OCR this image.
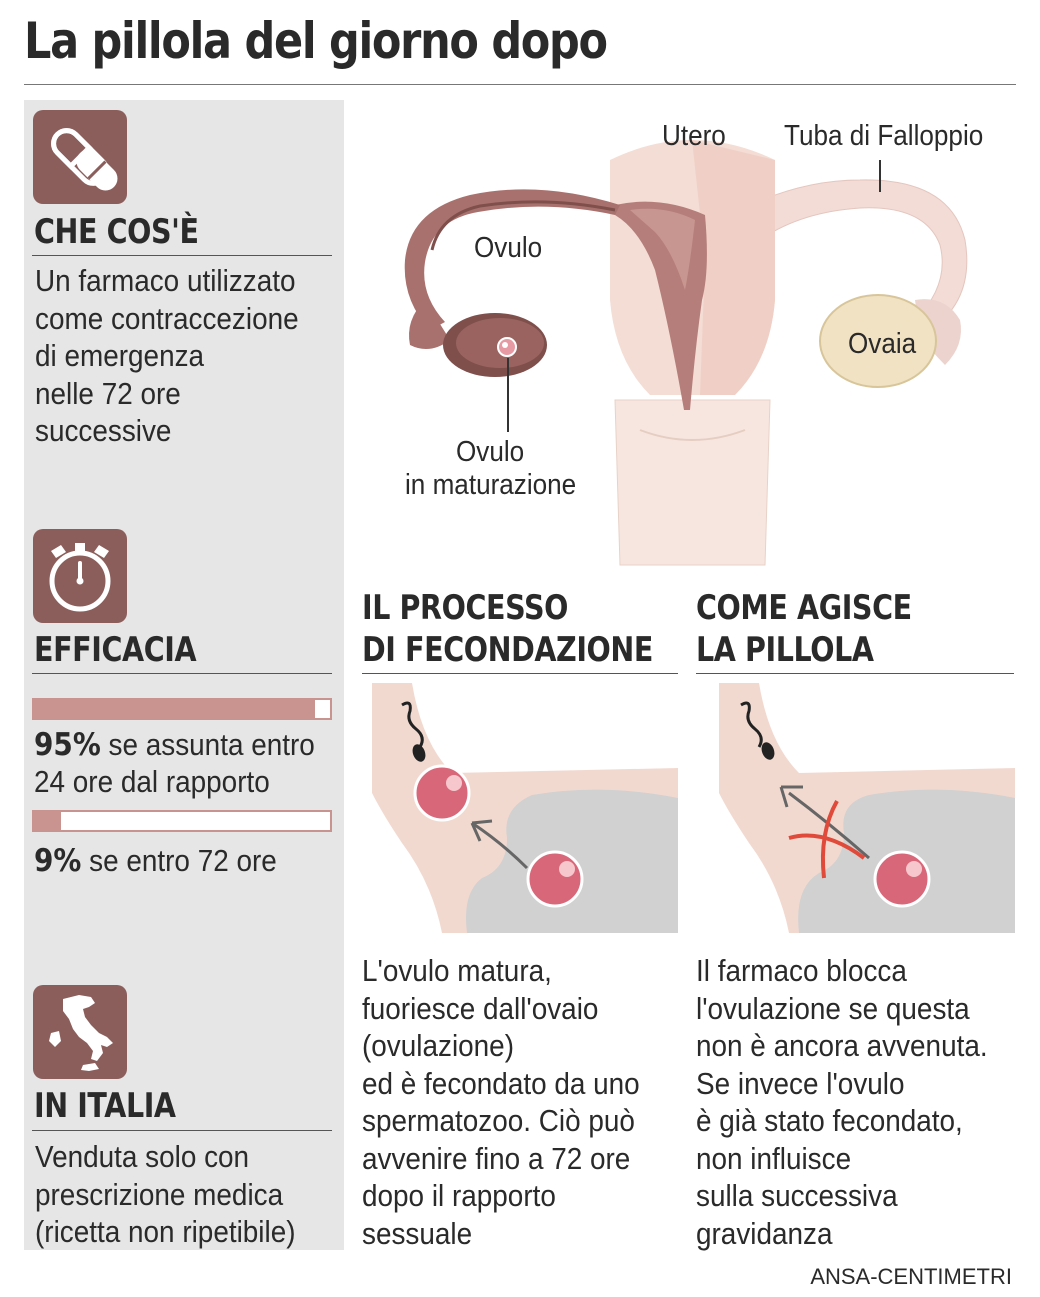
La pillola del giorno dopo
CHE COS'È

Un farmaco utilizzato
come contraccezione
di emergenza
nelle 72 ore
successive

EFFICACIA

95% se assunta entro

24 ore dal rapporto

9% se entro 72 ore

IN ITALIA

Venduta solo con
prescrizione medica
(ricetta non ripetibile)

Utero Tuba di Falloppio
Ovulo
Ovaia
Ovulo
in maturazione
IL PROCESSO
DI FECONDAZIONE

L'ovulo matura,
fuoriesce dall'ovaio
(ovulazione)
ed è fecondato da uno
spermatozoo. Ciò può
avvenire fino a 72 ore
dopo il rapporto
sessuale

COME AGISCE
LA PILLOLA

Il farmaco blocca
l'ovulazione se questa
non è ancora avvenuta.
Se invece l'ovulo
è già stato fecondato,
non influisce
sulla successiva
gravidanza

ANSA-CENTIMETRI
